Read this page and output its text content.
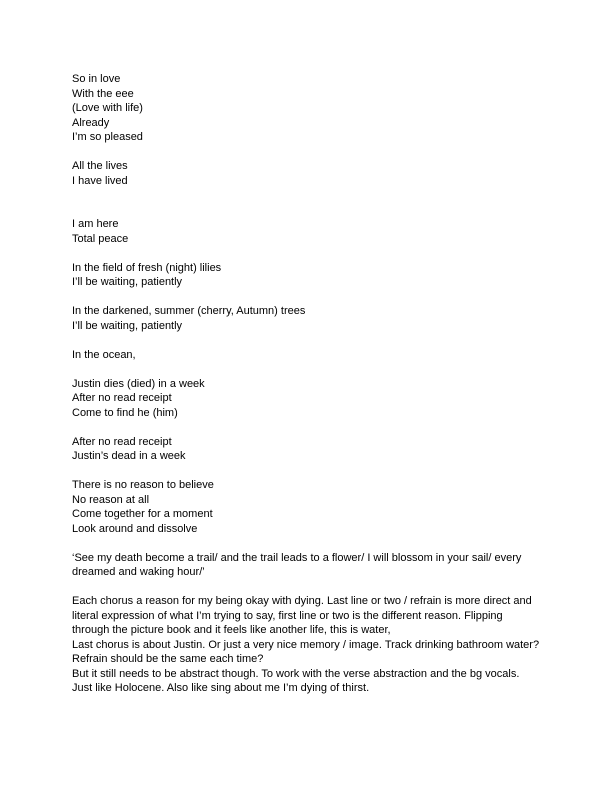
So in love
With the eee
(Love with life)
Already
I’m so pleased
All the lives
I have lived
I am here
Total peace
In the field of fresh (night) lilies
I’ll be waiting, patiently
In the darkened, summer (cherry, Autumn) trees
I’ll be waiting, patiently
In the ocean,
Justin dies (died) in a week
After no read receipt
Come to find he (him)
After no read receipt
Justin’s dead in a week
There is no reason to believe
No reason at all
Come together for a moment
Look around and dissolve
‘See my death become a trail/ and the trail leads to a flower/ I will blossom in your sail/ every dreamed and waking hour/’
Each chorus a reason for my being okay with dying. Last line or two / refrain is more direct and literal expression of what I’m trying to say, first line or two is the different reason. Flipping through the picture book and it feels like another life, this is water,
Last chorus is about Justin. Or just a very nice memory / image. Track drinking bathroom water? Refrain should be the same each time?
But it still needs to be abstract though. To work with the verse abstraction and the bg vocals.
Just like Holocene. Also like sing about me I’m dying of thirst.
